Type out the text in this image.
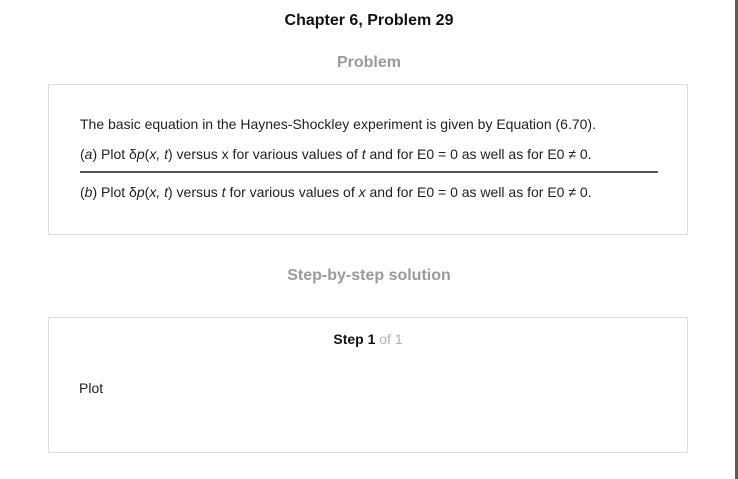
Chapter 6, Problem 29
Problem
The basic equation in the Haynes-Shockley experiment is given by Equation (6.70).
(a) Plot δp(x, t) versus x for various values of t and for E0 = 0 as well as for E0 ≠ 0.
(b) Plot δp(x, t) versus t for various values of x and for E0 = 0 as well as for E0 ≠ 0.
Step-by-step solution
Step 1 of 1
Plot
